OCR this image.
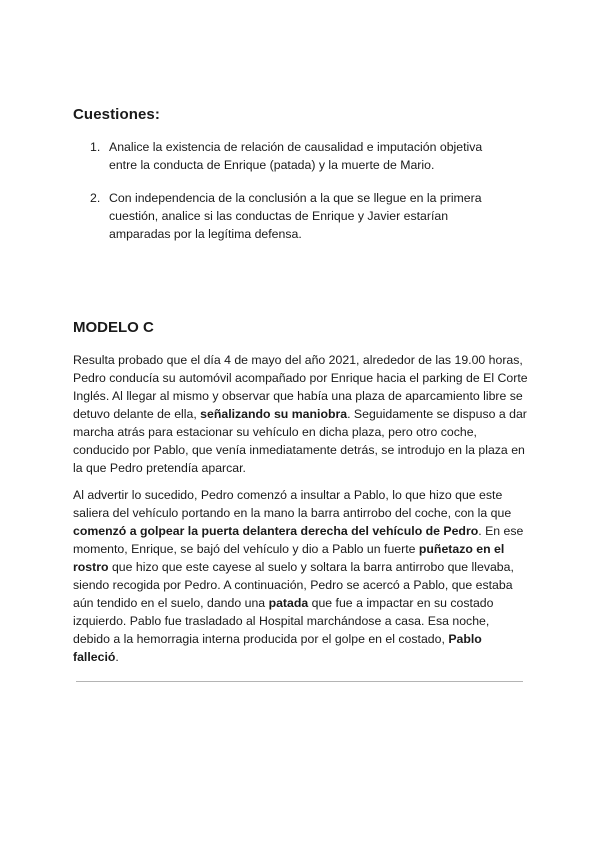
Cuestiones:
1. Analice la existencia de relación de causalidad e imputación objetiva entre la conducta de Enrique (patada) y la muerte de Mario.
2. Con independencia de la conclusión a la que se llegue en la primera cuestión, analice si las conductas de Enrique y Javier estarían amparadas por la legítima defensa.
MODELO C

Resulta probado que el día 4 de mayo del año 2021, alrededor de las 19.00 horas, Pedro conducía su automóvil acompañado por Enrique hacia el parking de El Corte Inglés. Al llegar al mismo y observar que había una plaza de aparcamiento libre se detuvo delante de ella, señalizando su maniobra. Seguidamente se dispuso a dar marcha atrás para estacionar su vehículo en dicha plaza, pero otro coche, conducido por Pablo, que venía inmediatamente detrás, se introdujo en la plaza en la que Pedro pretendía aparcar.

Al advertir lo sucedido, Pedro comenzó a insultar a Pablo, lo que hizo que este saliera del vehículo portando en la mano la barra antirrobo del coche, con la que comenzó a golpear la puerta delantera derecha del vehículo de Pedro. En ese momento, Enrique, se bajó del vehículo y dio a Pablo un fuerte puñetazo en el rostro que hizo que este cayese al suelo y soltara la barra antirrobo que llevaba, siendo recogida por Pedro. A continuación, Pedro se acercó a Pablo, que estaba aún tendido en el suelo, dando una patada que fue a impactar en su costado izquierdo. Pablo fue trasladado al Hospital marchándose a casa. Esa noche, debido a la hemorragia interna producida por el golpe en el costado, Pablo falleció.
